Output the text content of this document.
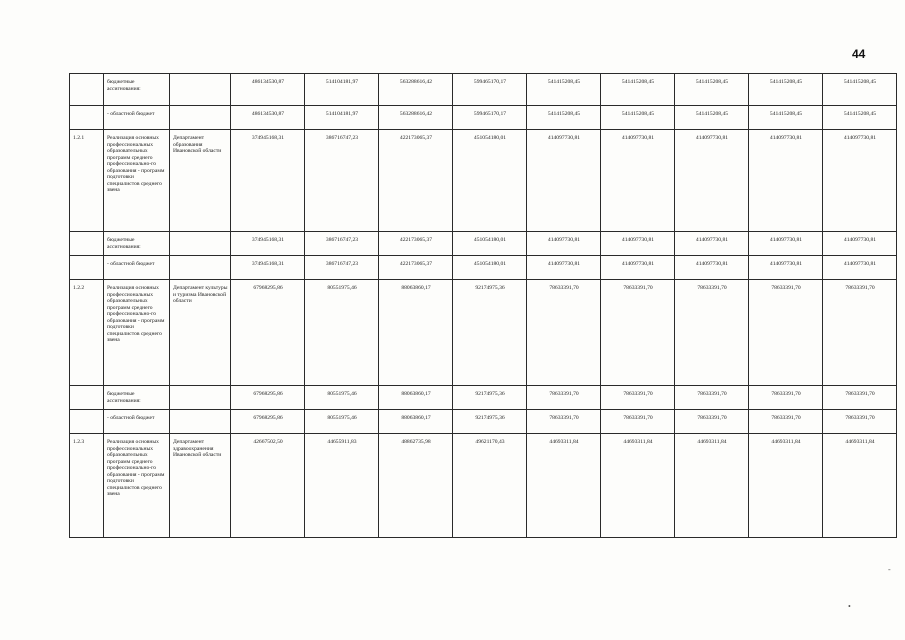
44
	бюджетные ассигнования:		486134530,87	514104181,97	563288616,42	599465170,17	541415208,45	541415208,45	541415208,45	541415208,45	541415208,45
	- областной бюджет		486134530,87	514104181,97	563288616,42	599465170,17	541415208,45	541415208,45	541415208,45	541415208,45	541415208,45
1.2.1	Реализация основных профессиональных образовательных программ среднего профессионально-го образования - программ подготовки специалистов среднего звена	Департамент образования Ивановской области	374945168,31	386716747,23	422173065,37	451054180,01	414097730,81	414097730,81	414097730,81	414097730,81	414097730,81
	бюджетные ассигнования:		374945168,31	386716747,23	422173065,37	451054180,01	414097730,81	414097730,81	414097730,81	414097730,81	414097730,81
	- областной бюджет		374945168,31	386716747,23	422173065,37	451054180,01	414097730,81	414097730,81	414097730,81	414097730,81	414097730,81
1.2.2	Реализация основных профессиональных образовательных программ среднего профессионально-го образования - программ подготовки специалистов среднего звена	Департамент культуры и туризма Ивановской области	67968295,86	80551975,46	88063860,17	92174975,36	78633391,70	78633391,70	78633391,70	78633391,70	78633391,70
	бюджетные ассигнования:		67968295,86	80551975,46	88063860,17	92174975,36	78633391,70	78633391,70	78633391,70	78633391,70	78633391,70
	- областной бюджет		67968295,86	80551975,46	88063860,17	92174975,36	78633391,70	78633391,70	78633391,70	78633391,70	78633391,70
1.2.3	Реализация основных профессиональных образовательных программ среднего профессионально-го образования - программ подготовки специалистов среднего звена	Департамент здравоохранения Ивановской области	42667502,50	44655911,83	48862735,98	49621170,43	44693311,84	44693311,84	44693311,84	44693311,84	44693311,84
•
-
